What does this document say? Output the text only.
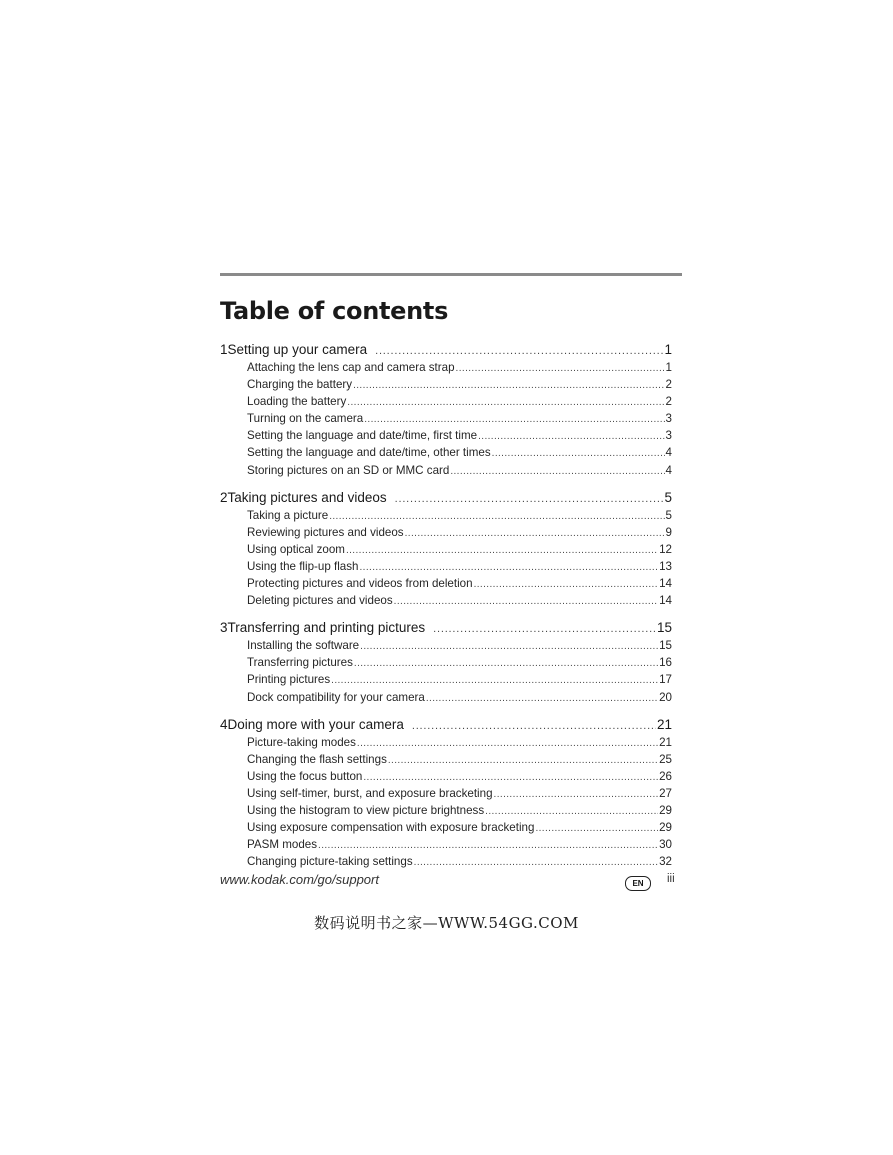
Table of contents
1 Setting up your camera .....	1
Attaching the lens cap and camera strap .....	1
Charging the battery .....	2
Loading the battery .....	2
Turning on the camera .....	3
Setting the language and date/time, first time .....	3
Setting the language and date/time, other times .....	4
Storing pictures on an SD or MMC card .....	4
2 Taking pictures and videos .....	5
Taking a picture .....	5
Reviewing pictures and videos .....	9
Using optical zoom .....	12
Using the flip-up flash .....	13
Protecting pictures and videos from deletion .....	14
Deleting pictures and videos .....	14
3 Transferring and printing pictures .....	15
Installing the software .....	15
Transferring pictures .....	16
Printing pictures .....	17
Dock compatibility for your camera .....	20
4 Doing more with your camera .....	21
Picture-taking modes .....	21
Changing the flash settings .....	25
Using the focus button .....	26
Using self-timer, burst, and exposure bracketing .....	27
Using the histogram to view picture brightness .....	29
Using exposure compensation with exposure bracketing .....	29
PASM modes .....	30
Changing picture-taking settings .....	32
www.kodak.com/go/support	EN	iii
数码说明书之家—WWW.54GG.COM
